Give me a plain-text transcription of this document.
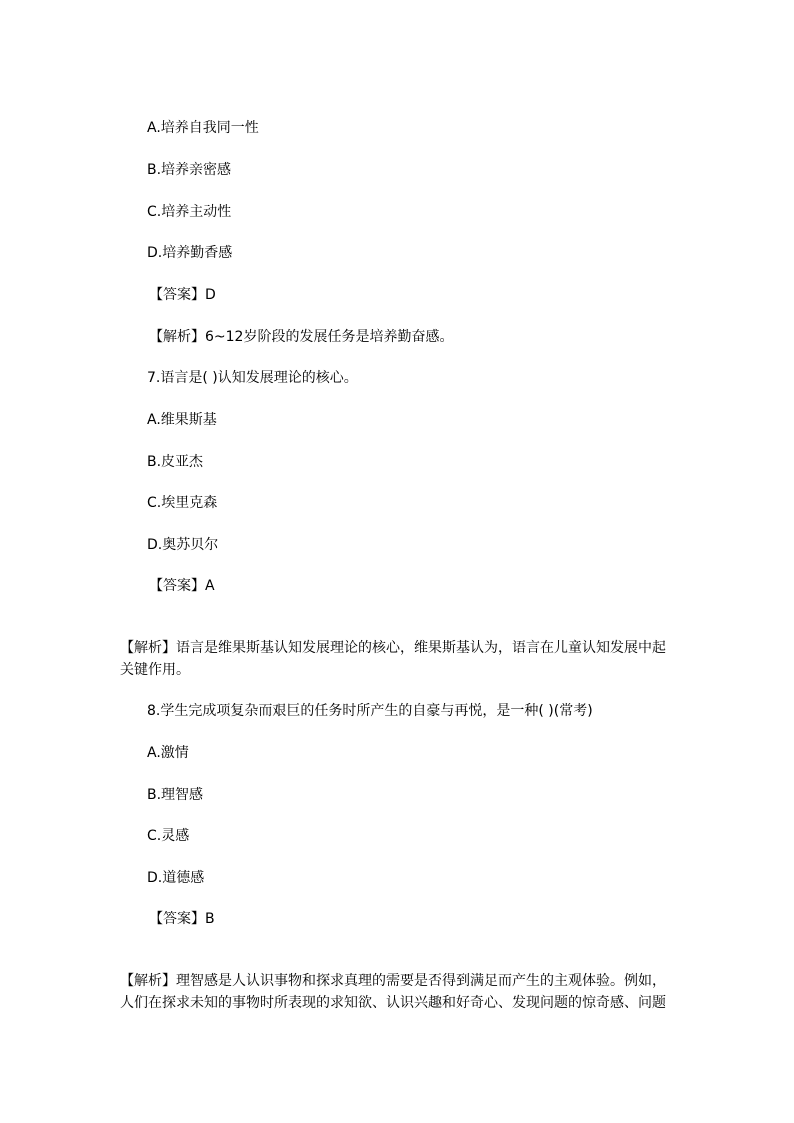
A.培养自我同一性
B.培养亲密感
C.培养主动性
D.培养勤香感
【答案】D
【解析】6~12岁阶段的发展任务是培养勤奋感。
7.语言是( )认知发展理论的核心。
A.维果斯基
B.皮亚杰
C.埃里克森
D.奥苏贝尔
【答案】A
【解析】语言是维果斯基认知发展理论的核心，维果斯基认为，语言在儿童认知发展中起关键作用。
8.学生完成项复杂而艰巨的任务时所产生的自豪与再悦，是一种( )(常考)
A.激情
B.理智感
C.灵感
D.道德感
【答案】B
【解析】理智感是人认识事物和探求真理的需要是否得到满足而产生的主观体验。例如，人们在探求未知的事物时所表现的求知欲、认识兴趣和好奇心、发现问题的惊奇感、问题
